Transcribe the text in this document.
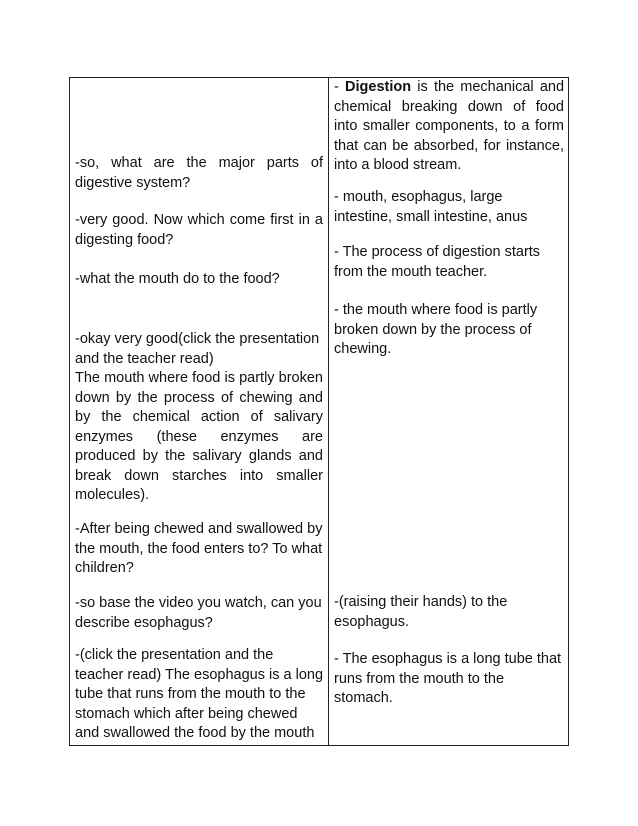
-so, what are the major parts of digestive system?

-very good. Now which come first in a digesting food?

-what the mouth do to the food?

-okay very good(click the presentation and the teacher read)

The mouth where food is partly broken down by the process of chewing and by the chemical action of salivary enzymes (these enzymes are produced by the salivary glands and break down starches into smaller molecules).

-After being chewed and swallowed by the mouth, the food enters to? To what children?

-so base the video you watch, can you describe esophagus?

-(click the presentation and the teacher read) The esophagus is a long tube that runs from the mouth to the stomach which after being chewed and swallowed the food by the mouth

- Digestion is the mechanical and chemical breaking down of food into smaller components, to a form that can be absorbed, for instance, into a blood stream.

- mouth, esophagus, large intestine, small intestine, anus

- The process of digestion starts from the mouth teacher.

- the mouth where food is partly broken down by the process of chewing.

-(raising their hands) to the esophagus.

- The esophagus is a long tube that runs from the mouth to the stomach.
